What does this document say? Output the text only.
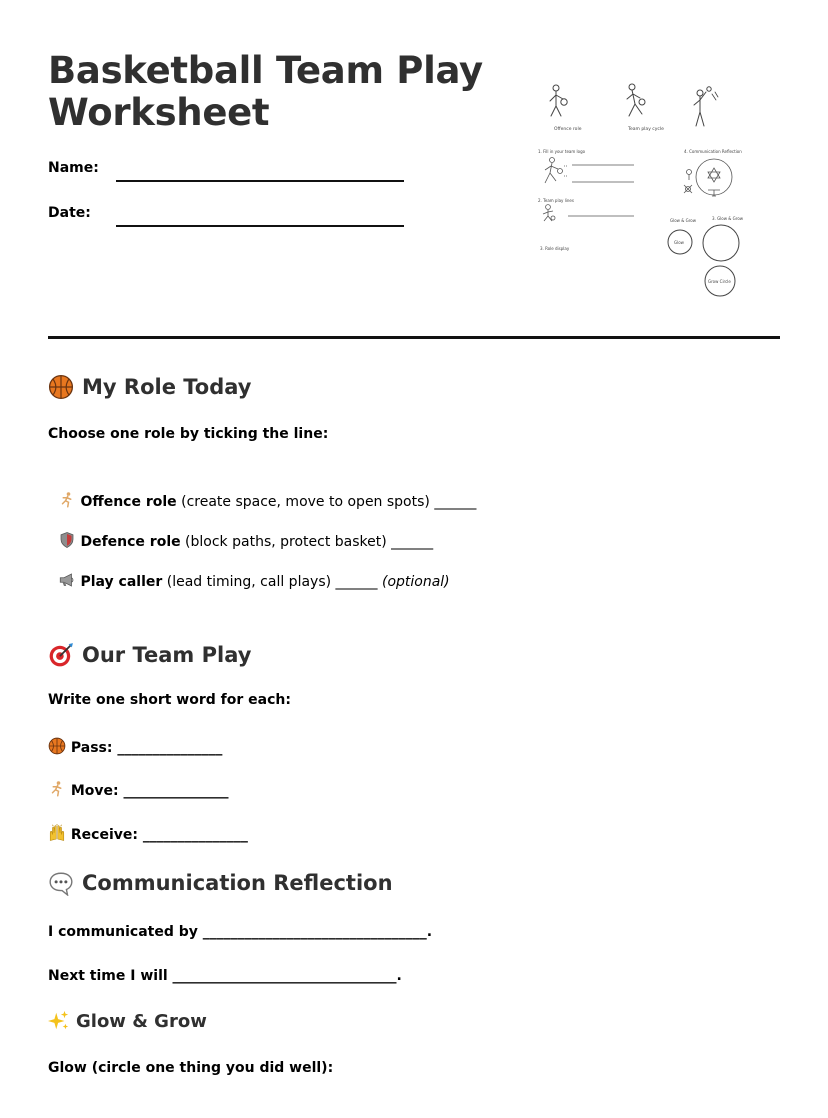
Basketball Team Play
Worksheet
Name:
Date:
Offence role	Team play cycle
1. Fill in your team logo
2. Team play lines
3. Role display
4. Communication Reflection
Glow & Grow	3. Glow & Grow
Glow
Grow Circle
My Role Today
Choose one role by ticking the line:
Offence role (create space, move to open spots) ______
Defence role (block paths, protect basket) ______
Play caller (lead timing, call plays) ______ (optional)
Our Team Play
Write one short word for each:
Pass: _______________
Move: _______________
Receive: _______________
Communication Reflection
I communicated by ________________________________.
Next time I will ________________________________.
Glow & Grow
Glow (circle one thing you did well):
